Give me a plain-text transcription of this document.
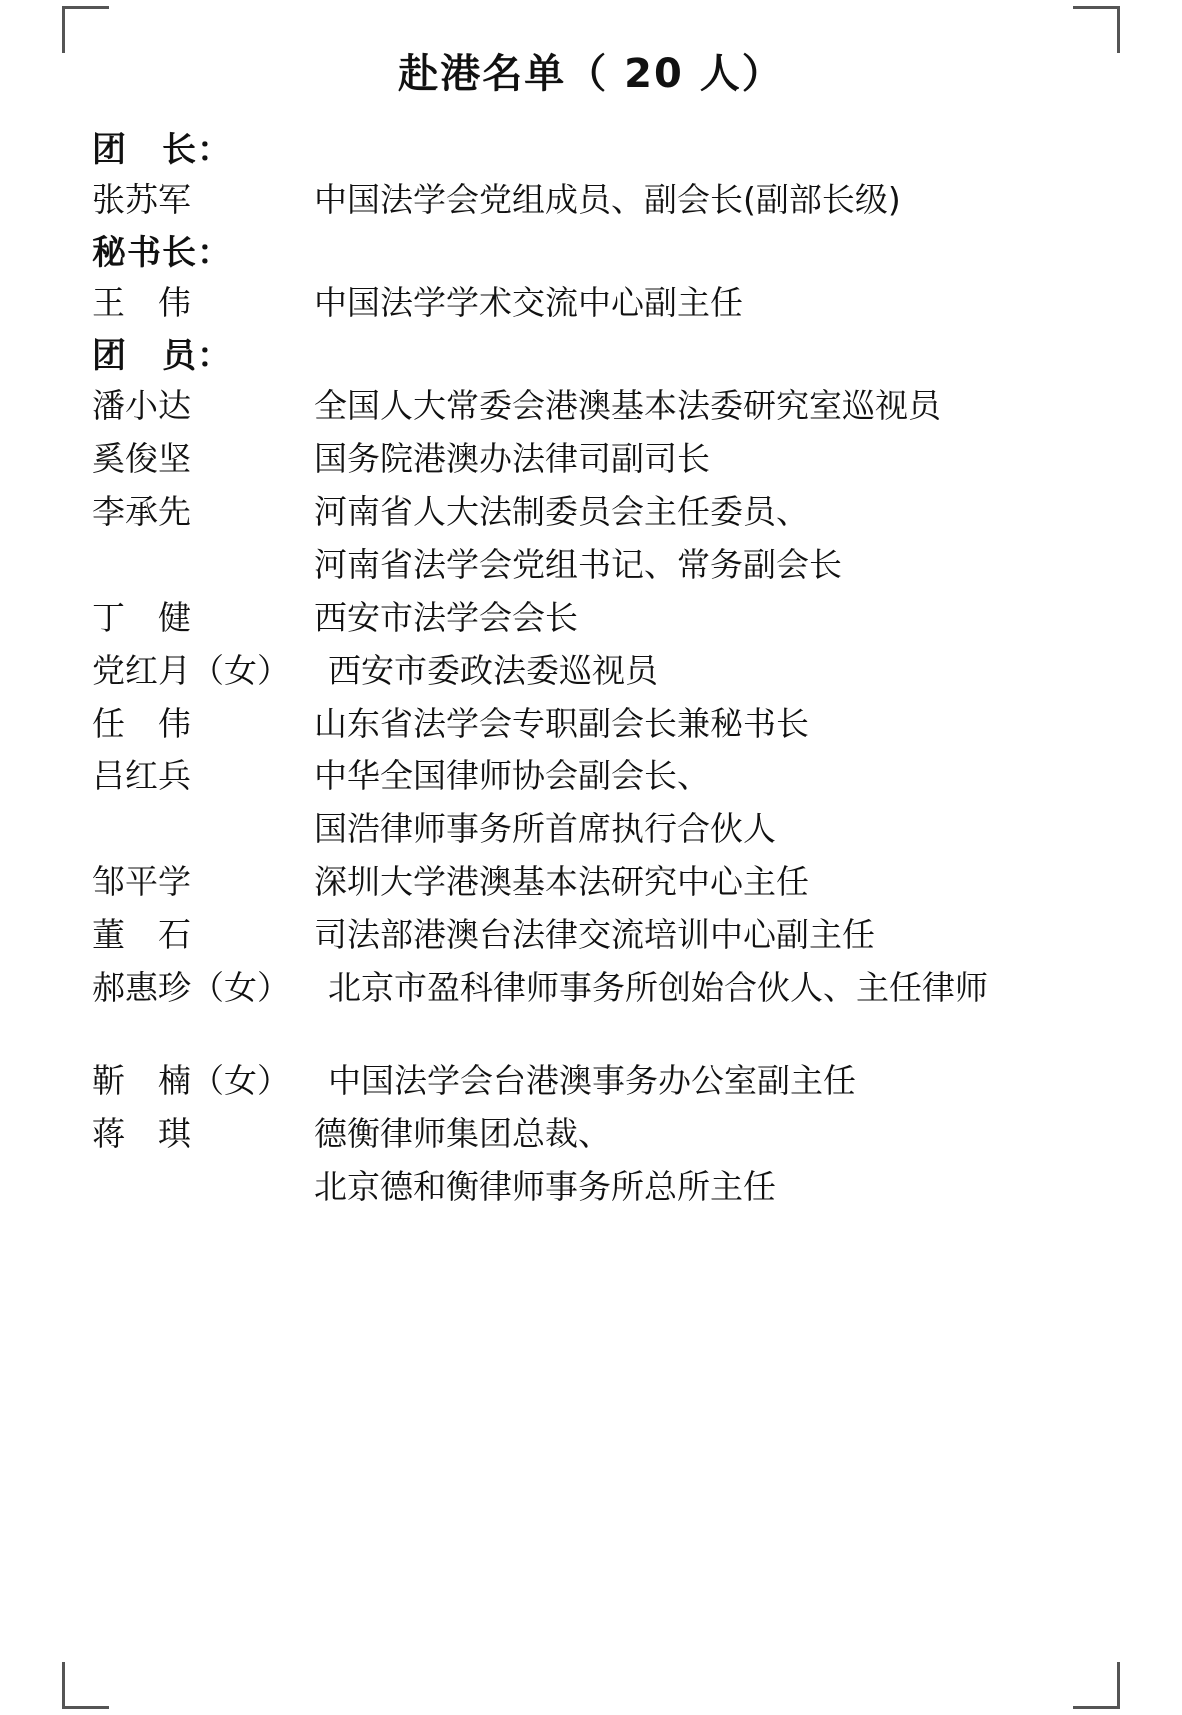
赴港名单（ 20 人）
团　长：
张苏军	中国法学会党组成员、副会长(副部长级)
秘书长：
王　伟	中国法学学术交流中心副主任
团　员：
潘小达	全国人大常委会港澳基本法委研究室巡视员
奚俊坚	国务院港澳办法律司副司长
李承先	河南省人大法制委员会主任委员、
河南省法学会党组书记、常务副会长
丁　健	西安市法学会会长
党红月（女）	西安市委政法委巡视员
任　伟	山东省法学会专职副会长兼秘书长
吕红兵	中华全国律师协会副会长、
国浩律师事务所首席执行合伙人
邹平学	深圳大学港澳基本法研究中心主任
董　石	司法部港澳台法律交流培训中心副主任
郝惠珍（女）	北京市盈科律师事务所创始合伙人、主任律师
靳　楠（女）	中国法学会台港澳事务办公室副主任
蒋　琪	德衡律师集团总裁、
北京德和衡律师事务所总所主任
